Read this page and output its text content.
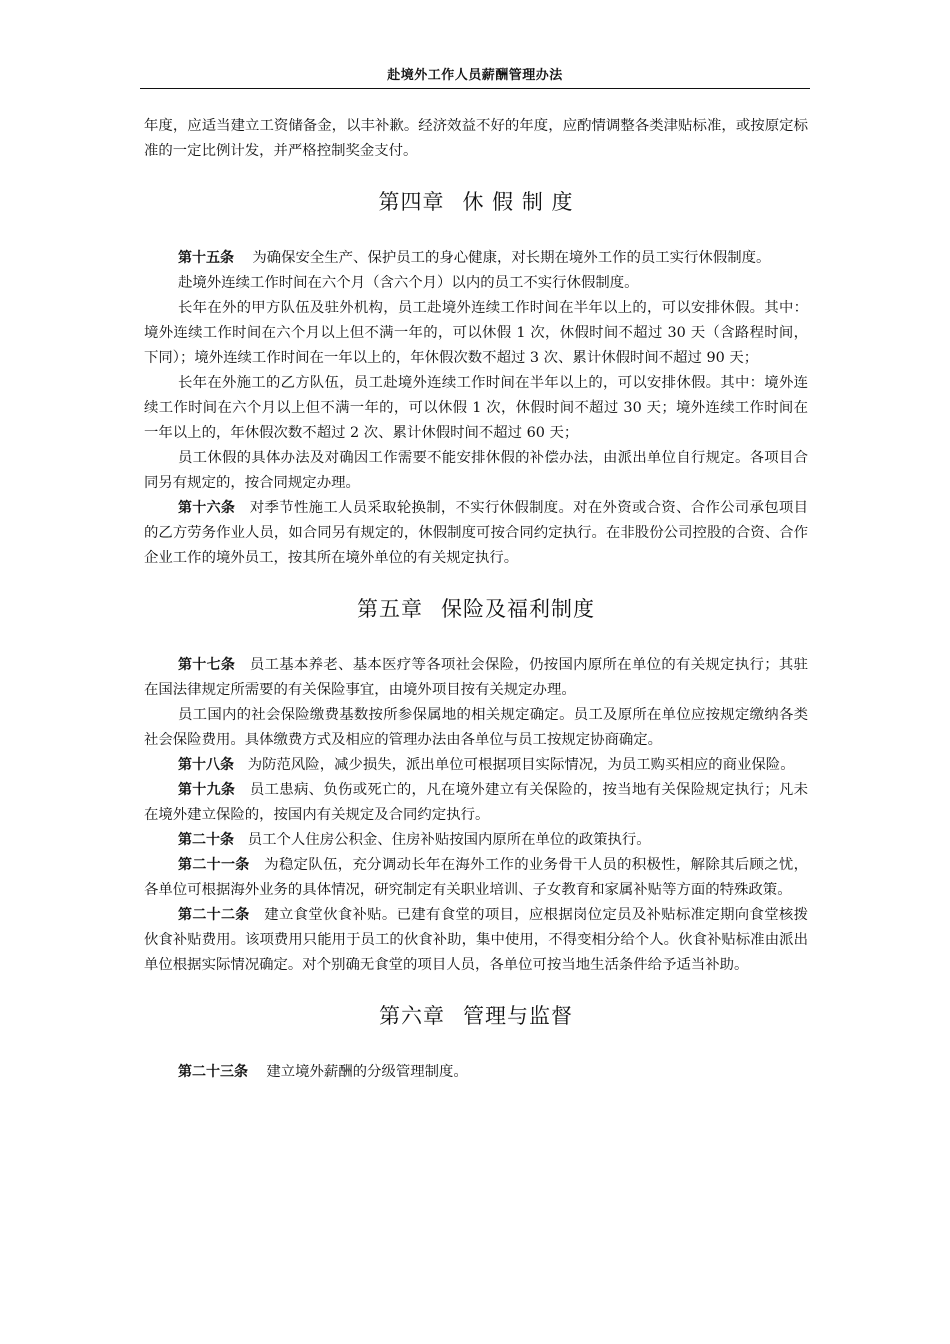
赴境外工作人员薪酬管理办法

年度，应适当建立工资储备金，以丰补歉。经济效益不好的年度，应酌情调整各类津贴标准，或按原定标准的一定比例计发，并严格控制奖金支付。

第四章 休 假 制 度

第十五条 为确保安全生产、保护员工的身心健康，对长期在境外工作的员工实行休假制度。

赴境外连续工作时间在六个月（含六个月）以内的员工不实行休假制度。

长年在外的甲方队伍及驻外机构，员工赴境外连续工作时间在半年以上的，可以安排休假。其中：境外连续工作时间在六个月以上但不满一年的，可以休假 1 次，休假时间不超过 30 天（含路程时间，下同）；境外连续工作时间在一年以上的，年休假次数不超过 3 次、累计休假时间不超过 90 天；

长年在外施工的乙方队伍，员工赴境外连续工作时间在半年以上的，可以安排休假。其中：境外连续工作时间在六个月以上但不满一年的，可以休假 1 次，休假时间不超过 30 天；境外连续工作时间在一年以上的，年休假次数不超过 2 次、累计休假时间不超过 60 天；

员工休假的具体办法及对确因工作需要不能安排休假的补偿办法，由派出单位自行规定。各项目合同另有规定的，按合同规定办理。

第十六条 对季节性施工人员采取轮换制，不实行休假制度。对在外资或合资、合作公司承包项目的乙方劳务作业人员，如合同另有规定的，休假制度可按合同约定执行。在非股份公司控股的合资、合作企业工作的境外员工，按其所在境外单位的有关规定执行。

第五章 保险及福利制度

第十七条 员工基本养老、基本医疗等各项社会保险，仍按国内原所在单位的有关规定执行；其驻在国法律规定所需要的有关保险事宜，由境外项目按有关规定办理。

员工国内的社会保险缴费基数按所参保属地的相关规定确定。员工及原所在单位应按规定缴纳各类社会保险费用。具体缴费方式及相应的管理办法由各单位与员工按规定协商确定。

第十八条 为防范风险，减少损失，派出单位可根据项目实际情况，为员工购买相应的商业保险。

第十九条 员工患病、负伤或死亡的，凡在境外建立有关保险的，按当地有关保险规定执行；凡未在境外建立保险的，按国内有关规定及合同约定执行。

第二十条 员工个人住房公积金、住房补贴按国内原所在单位的政策执行。

第二十一条 为稳定队伍，充分调动长年在海外工作的业务骨干人员的积极性，解除其后顾之忧，各单位可根据海外业务的具体情况，研究制定有关职业培训、子女教育和家属补贴等方面的特殊政策。

第二十二条 建立食堂伙食补贴。已建有食堂的项目，应根据岗位定员及补贴标准定期向食堂核拨伙食补贴费用。该项费用只能用于员工的伙食补助，集中使用，不得变相分给个人。伙食补贴标准由派出单位根据实际情况确定。对个别确无食堂的项目人员，各单位可按当地生活条件给予适当补助。

第六章 管理与监督

第二十三条 建立境外薪酬的分级管理制度。
